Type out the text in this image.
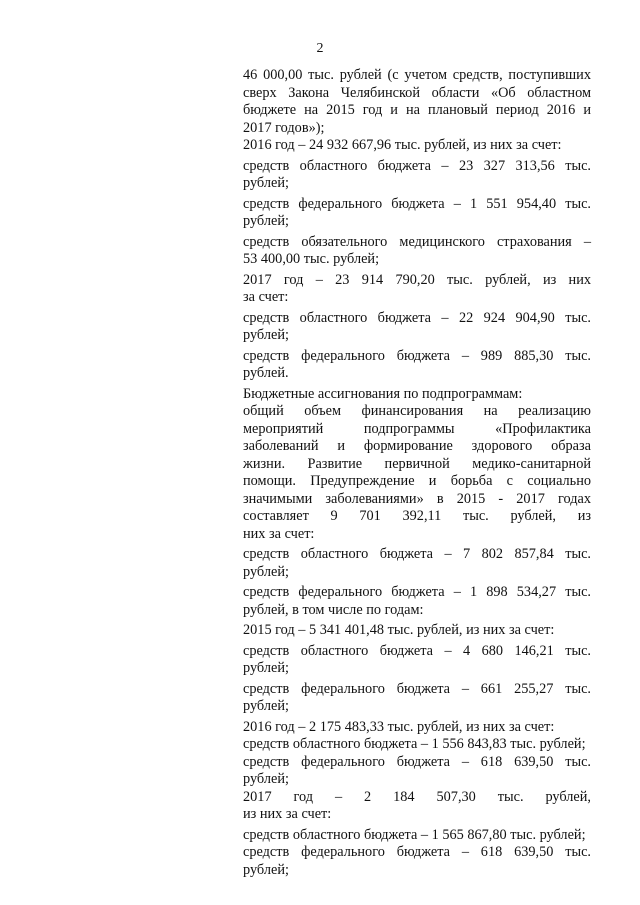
2
46 000,00 тыс. рублей (с учетом средств, поступивших
сверх Закона Челябинской области «Об областном
бюджете на 2015 год и на плановый период 2016 и
2017 годов»);
2016 год – 24 932 667,96 тыс. рублей, из них за счет:
средств областного бюджета – 23 327 313,56 тыс.
рублей;
средств федерального бюджета – 1 551 954,40 тыс.
рублей;
средств обязательного медицинского страхования –
53 400,00 тыс. рублей;
2017 год – 23 914 790,20 тыс. рублей, из них
за счет:
средств областного бюджета – 22 924 904,90 тыс.
рублей;
средств федерального бюджета – 989 885,30 тыс.
рублей.
Бюджетные ассигнования по подпрограммам:
общий объем финансирования на реализацию
мероприятий подпрограммы «Профилактика
заболеваний и формирование здорового образа
жизни. Развитие первичной медико-санитарной
помощи. Предупреждение и борьба с социально
значимыми заболеваниями» в 2015 - 2017 годах
составляет 9 701 392,11 тыс. рублей, из
них за счет:
средств областного бюджета – 7 802 857,84 тыс.
рублей;
средств федерального бюджета – 1 898 534,27 тыс.
рублей, в том числе по годам:
2015 год – 5 341 401,48 тыс. рублей, из них за счет:
средств областного бюджета – 4 680 146,21 тыс.
рублей;
средств федерального бюджета – 661 255,27 тыс.
рублей;
2016 год – 2 175 483,33 тыс. рублей, из них за счет:
средств областного бюджета – 1 556 843,83 тыс. рублей;
средств федерального бюджета – 618 639,50 тыс.
рублей;
2017 год – 2 184 507,30 тыс. рублей,
из них за счет:
средств областного бюджета – 1 565 867,80 тыс. рублей;
средств федерального бюджета – 618 639,50 тыс.
рублей;
